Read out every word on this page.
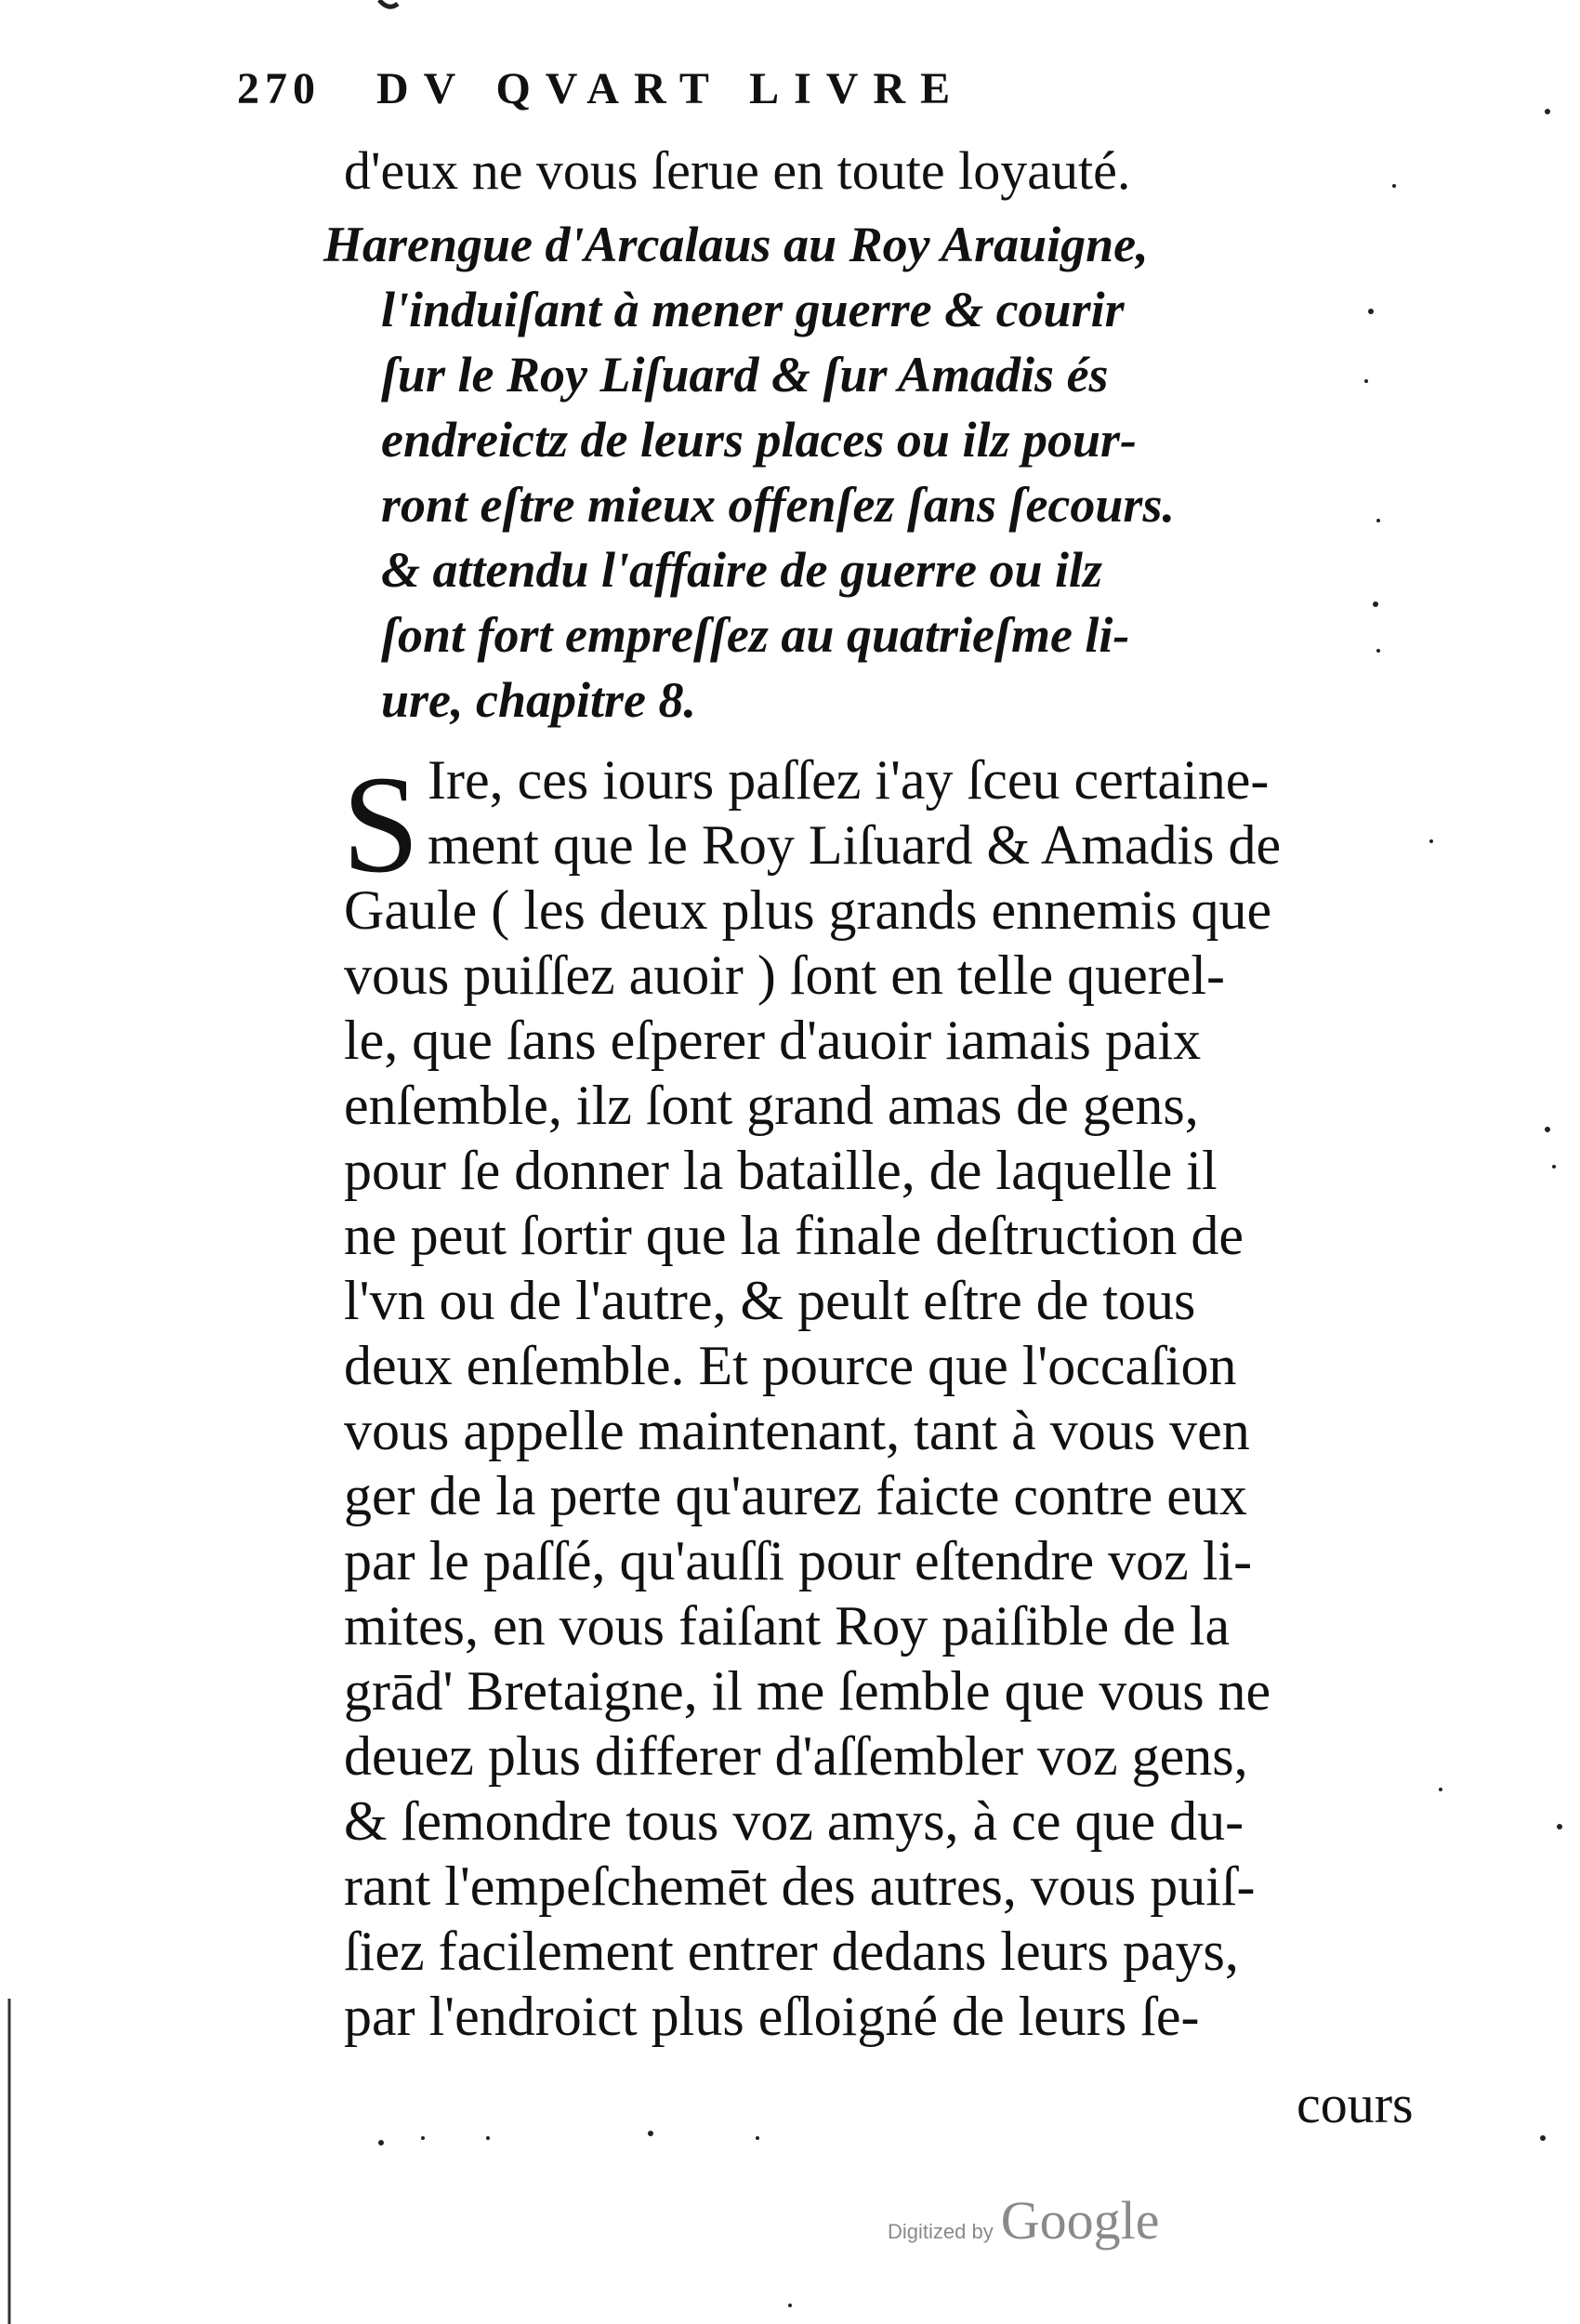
270	DV QVART LIVRE
d'eux ne vous ſerue en toute loyauté.
Harengue d'Arcalaus au Roy Arauigne,
l'induiſant à mener guerre & courir
ſur le Roy Liſuard & ſur Amadis és
endreictz de leurs places ou ilz pour-
ront eſtre mieux offenſez ſans ſecours.
& attendu l'affaire de guerre ou ilz
ſont fort empreſſez au quatrieſme li-
ure, chapitre 8.
S Ire, ces iours paſſez i'ay ſceu certaine-
ment que le Roy Liſuard & Amadis de
Gaule ( les deux plus grands ennemis que
vous puiſſez auoir ) ſont en telle querel-
le, que ſans eſperer d'auoir iamais paix
enſemble, ilz ſont grand amas de gens,
pour ſe donner la bataille, de laquelle il
ne peut ſortir que la finale deſtruction de
l'vn ou de l'autre, & peult eſtre de tous
deux enſemble. Et pource que l'occaſion
vous appelle maintenant, tant à vous ven
ger de la perte qu'aurez faicte contre eux
par le paſſé, qu'auſſi pour eſtendre voz li-
mites, en vous faiſant Roy paiſible de la
grād' Bretaigne, il me ſemble que vous ne
deuez plus differer d'aſſembler voz gens,
& ſemondre tous voz amys, à ce que du-
rant l'empeſchemēt des autres, vous puiſ-
ſiez facilement entrer dedans leurs pays,
par l'endroict plus eſloigné de leurs ſe-
cours
Digitized by Google
